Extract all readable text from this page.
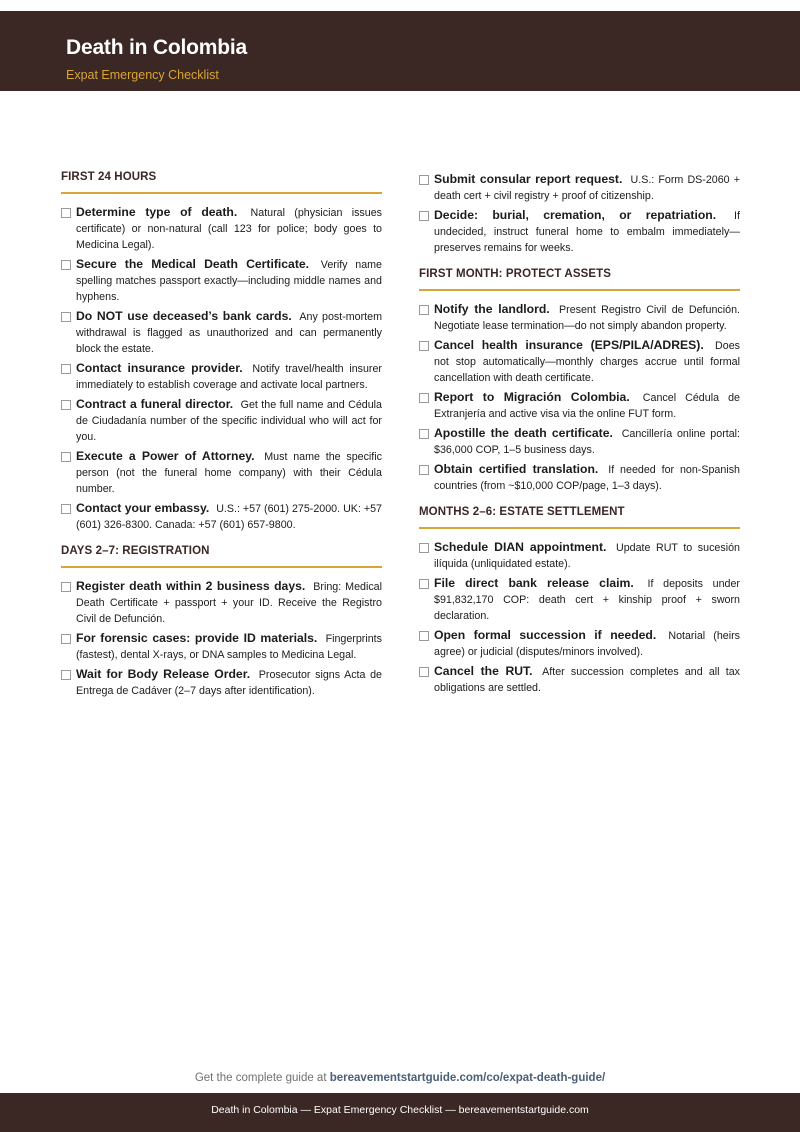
Death in Colombia
Expat Emergency Checklist
FIRST 24 HOURS
Determine type of death. Natural (physician issues certificate) or non-natural (call 123 for police; body goes to Medicina Legal).
Secure the Medical Death Certificate. Verify name spelling matches passport exactly—including middle names and hyphens.
Do NOT use deceased’s bank cards. Any post-mortem withdrawal is flagged as unauthorized and can permanently block the estate.
Contact insurance provider. Notify travel/health insurer immediately to establish coverage and activate local partners.
Contract a funeral director. Get the full name and Cédula de Ciudadanía number of the specific individual who will act for you.
Execute a Power of Attorney. Must name the specific person (not the funeral home company) with their Cédula number.
Contact your embassy. U.S.: +57 (601) 275-2000. UK: +57 (601) 326-8300. Canada: +57 (601) 657-9800.
DAYS 2–7: REGISTRATION
Register death within 2 business days. Bring: Medical Death Certificate + passport + your ID. Receive the Registro Civil de Defunción.
For forensic cases: provide ID materials. Fingerprints (fastest), dental X-rays, or DNA samples to Medicina Legal.
Wait for Body Release Order. Prosecutor signs Acta de Entrega de Cadáver (2–7 days after identification).
Submit consular report request. U.S.: Form DS-2060 + death cert + civil registry + proof of citizenship.
Decide: burial, cremation, or repatriation. If undecided, instruct funeral home to embalm immediately—preserves remains for weeks.
FIRST MONTH: PROTECT ASSETS
Notify the landlord. Present Registro Civil de Defunción. Negotiate lease termination—do not simply abandon property.
Cancel health insurance (EPS/PILA/ADRES). Does not stop automatically—monthly charges accrue until formal cancellation with death certificate.
Report to Migración Colombia. Cancel Cédula de Extranjería and active visa via the online FUT form.
Apostille the death certificate. Cancillería online portal: $36,000 COP, 1–5 business days.
Obtain certified translation. If needed for non-Spanish countries (from ~$10,000 COP/page, 1–3 days).
MONTHS 2–6: ESTATE SETTLEMENT
Schedule DIAN appointment. Update RUT to sucesión ilíquida (unliquidated estate).
File direct bank release claim. If deposits under $91,832,170 COP: death cert + kinship proof + sworn declaration.
Open formal succession if needed. Notarial (heirs agree) or judicial (disputes/minors involved).
Cancel the RUT. After succession completes and all tax obligations are settled.
Get the complete guide at bereavementstartguide.com/co/expat-death-guide/
Death in Colombia — Expat Emergency Checklist — bereavementstartguide.com
